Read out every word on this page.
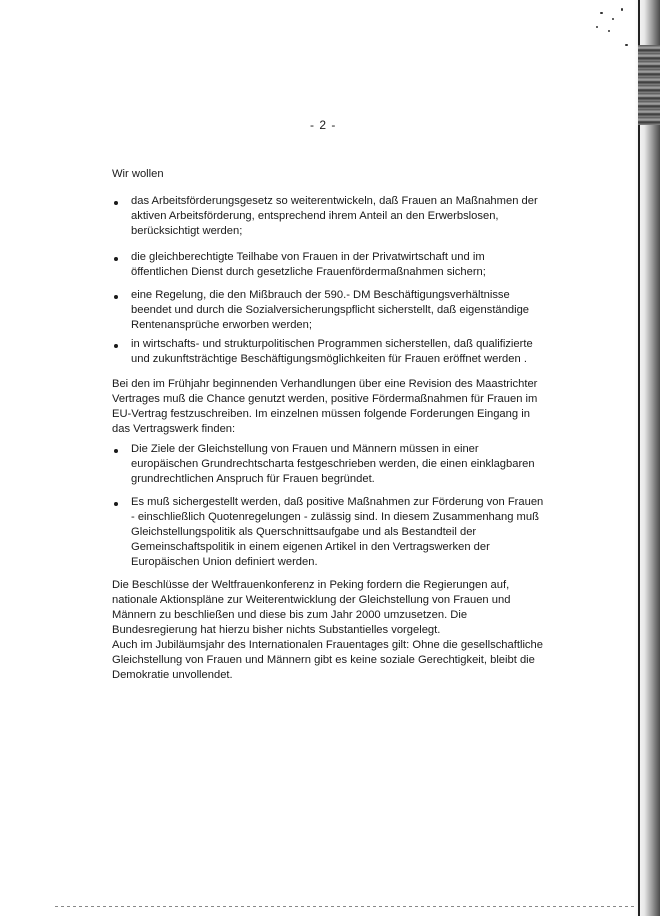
- 2 -
Wir wollen
das Arbeitsförderungsgesetz so weiterentwickeln, daß Frauen an Maßnahmen der
aktiven Arbeitsförderung, entsprechend ihrem Anteil an den Erwerbslosen,
berücksichtigt werden;
die gleichberechtigte Teilhabe von Frauen in der Privatwirtschaft und im
öffentlichen Dienst durch gesetzliche Frauenfördermaßnahmen sichern;
eine Regelung, die den Mißbrauch der 590.- DM Beschäftigungsverhältnisse
beendet und durch die Sozialversicherungspflicht sicherstellt, daß eigenständige
Rentenansprüche erworben werden;
in wirtschafts- und strukturpolitischen Programmen sicherstellen, daß qualifizierte
und zukunftsträchtige Beschäftigungsmöglichkeiten für Frauen eröffnet werden .
Bei den im Frühjahr beginnenden Verhandlungen über eine Revision des Maastrichter
Vertrages muß die Chance genutzt werden, positive Fördermaßnahmen für Frauen im
EU-Vertrag festzuschreiben. Im einzelnen müssen folgende Forderungen Eingang in
das Vertragswerk finden:
Die Ziele der Gleichstellung von Frauen und Männern müssen in einer
europäischen Grundrechtscharta festgeschrieben werden, die einen einklagbaren
grundrechtlichen Anspruch für Frauen begründet.
Es muß sichergestellt werden, daß positive Maßnahmen zur Förderung von Frauen
- einschließlich Quotenregelungen - zulässig sind. In diesem Zusammenhang muß
Gleichstellungspolitik als Querschnittsaufgabe und als Bestandteil der
Gemeinschaftspolitik in einem eigenen Artikel in den Vertragswerken der
Europäischen Union definiert werden.
Die Beschlüsse der Weltfrauenkonferenz in Peking fordern die Regierungen auf,
nationale Aktionspläne zur Weiterentwicklung der Gleichstellung von Frauen und
Männern zu beschließen und diese bis zum Jahr 2000 umzusetzen. Die
Bundesregierung hat hierzu bisher nichts Substantielles vorgelegt.
Auch im Jubiläumsjahr des Internationalen Frauentages gilt: Ohne die gesellschaftliche
Gleichstellung von Frauen und Männern gibt es keine soziale Gerechtigkeit, bleibt die
Demokratie unvollendet.
